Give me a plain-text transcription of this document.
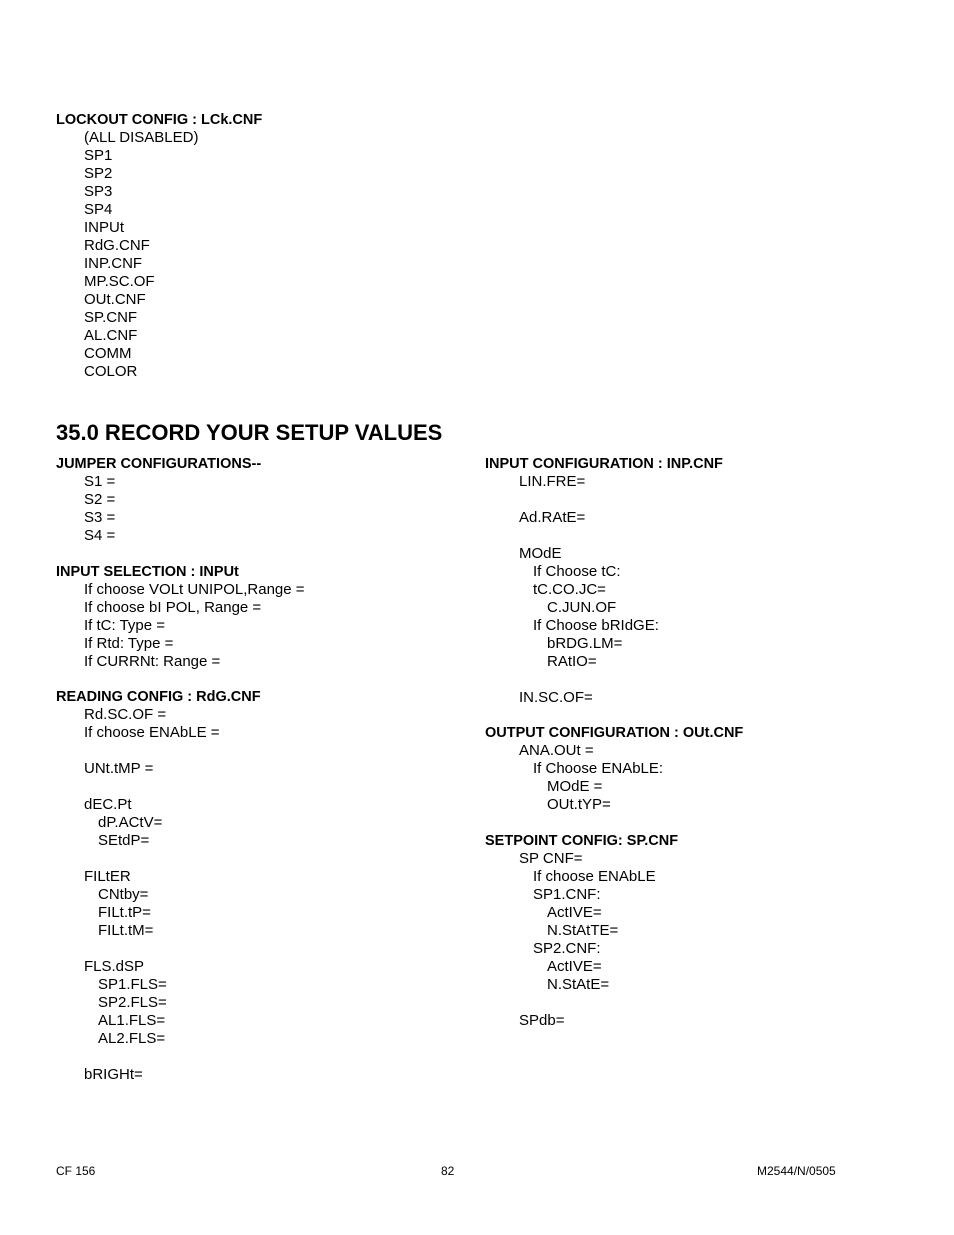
LOCKOUT CONFIG : LCk.CNF
(ALL DISABLED)
SP1
SP2
SP3
SP4
INPUt
RdG.CNF
INP.CNF
MP.SC.OF
OUt.CNF
SP.CNF
AL.CNF
COMM
COLOR
35.0 RECORD YOUR SETUP VALUES
JUMPER CONFIGURATIONS--
S1 =
S2 =
S3 =
S4 =
INPUT SELECTION : INPUt
If choose VOLt UNIPOL,Range =
If choose bI POL, Range =
If tC: Type =
If Rtd: Type =
If CURRNt: Range =
READING CONFIG : RdG.CNF
Rd.SC.OF =
If choose ENAbLE =
UNt.tMP =
dEC.Pt
dP.ACtV=
SEtdP=
FILtER
CNtby=
FILt.tP=
FILt.tM=
FLS.dSP
SP1.FLS=
SP2.FLS=
AL1.FLS=
AL2.FLS=
bRIGHt=
INPUT CONFIGURATION : INP.CNF
LIN.FRE=
Ad.RAtE=
MOdE
If Choose tC:
tC.CO.JC=
C.JUN.OF
If Choose bRIdGE:
bRDG.LM=
RAtIO=
IN.SC.OF=
OUTPUT CONFIGURATION : OUt.CNF
ANA.OUt =
If Choose ENAbLE:
MOdE =
OUt.tYP=
SETPOINT CONFIG: SP.CNF
SP CNF=
If choose ENAbLE
SP1.CNF:
ActIVE=
N.StAtTE=
SP2.CNF:
ActIVE=
N.StAtE=
SPdb=
CF 156	82	M2544/N/0505
